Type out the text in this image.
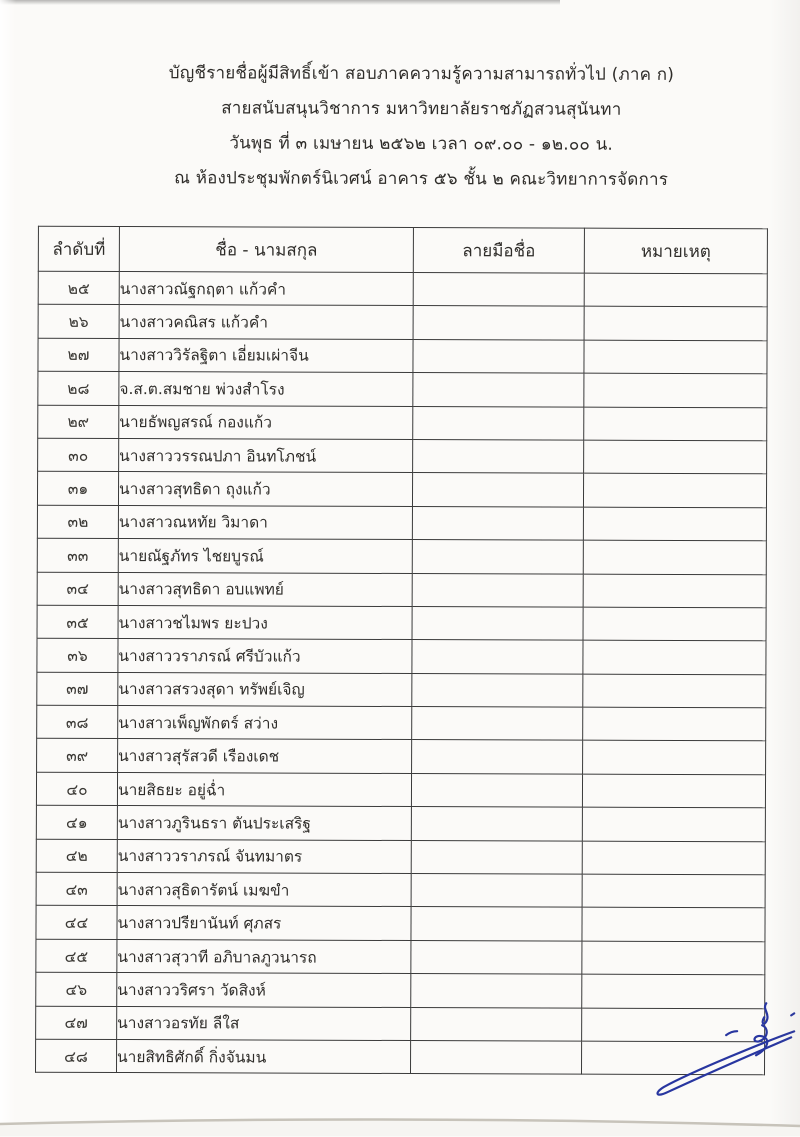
บัญชีรายชื่อผู้มีสิทธิ์เข้า สอบภาคความรู้ความสามารถทั่วไป (ภาค ก)
สายสนับสนุนวิชาการ มหาวิทยาลัยราชภัฏสวนสุนันทา
วันพุธ ที่ ๓ เมษายน ๒๕๖๒ เวลา ๐๙.๐๐ - ๑๒.๐๐ น.
ณ ห้องประชุมพักตร์นิเวศน์ อาคาร ๕๖ ชั้น ๒ คณะวิทยาการจัดการ
ลำดับที่	ชื่อ - นามสกุล	ลายมือชื่อ	หมายเหตุ
๒๕	นางสาวณัฐกฤตา แก้วคำ		
๒๖	นางสาวคณิสร แก้วคำ		
๒๗	นางสาววิรัลฐิตา เอี่ยมเผ่าจีน		
๒๘	จ.ส.ต.สมชาย พ่วงสำโรง		
๒๙	นายธัพญสรณ์ กองแก้ว		
๓๐	นางสาววรรณปภา อินทโภชน์		
๓๑	นางสาวสุทธิดา ถุงแก้ว		
๓๒	นางสาวณหทัย วิมาดา		
๓๓	นายณัฐภัทร ไชยบูรณ์		
๓๔	นางสาวสุทธิดา อบแพทย์		
๓๕	นางสาวชไมพร ยะปวง		
๓๖	นางสาววราภรณ์ ศรีบัวแก้ว		
๓๗	นางสาวสรวงสุดา ทรัพย์เจิญ		
๓๘	นางสาวเพ็ญพักตร์ สว่าง		
๓๙	นางสาวสุรัสวดี เรืองเดช		
๔๐	นายสิธยะ อยู่ฉ่ำ		
๔๑	นางสาวภูรินธรา ตันประเสริฐ		
๔๒	นางสาววราภรณ์ จันทมาตร		
๔๓	นางสาวสุธิดารัตน์ เมฆขำ		
๔๔	นางสาวปรียานันท์ ศุภสร		
๔๕	นางสาวสุวาที อภิบาลภูวนารถ		
๔๖	นางสาววริศรา วัดสิงห์		
๔๗	นางสาวอรทัย ลีใส		
๔๘	นายสิทธิศักดิ์ กิ่งจันมน		
